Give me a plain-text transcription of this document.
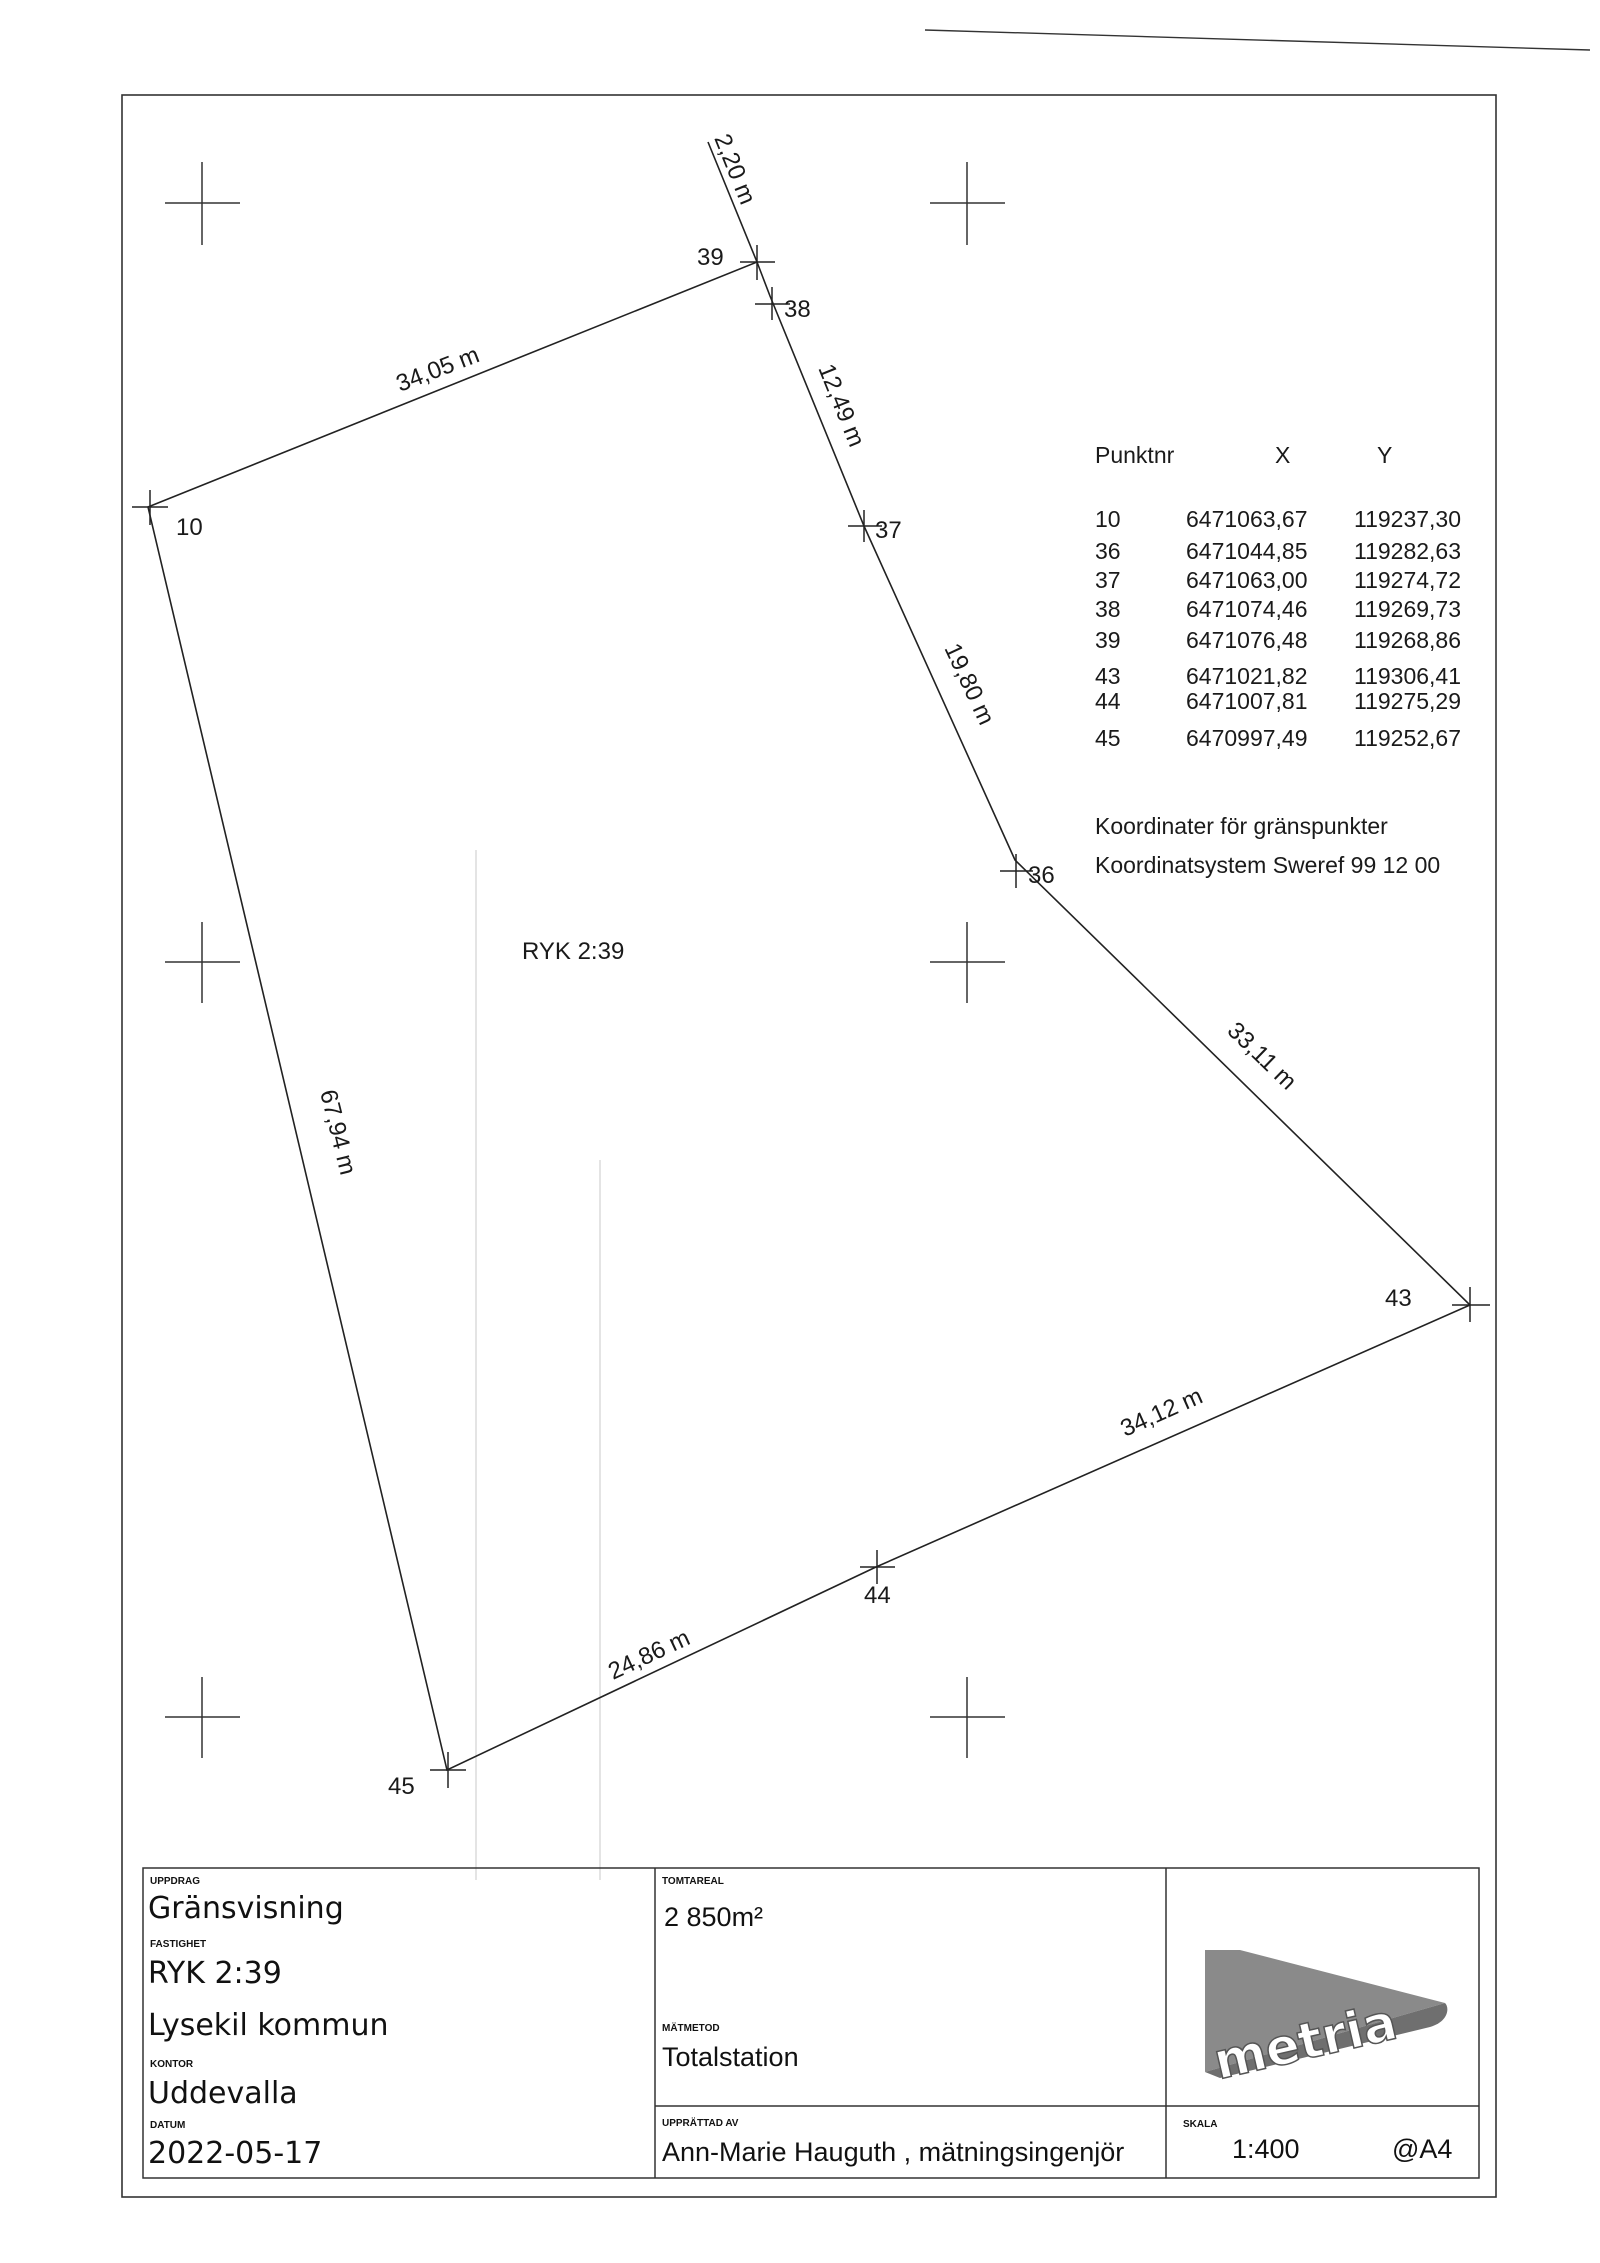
10
39
38
37
36
43
44
45
34,05 m
2,20 m
12,49 m
19,80 m
33,11 m
34,12 m
24,86 m
67,94 m
RYK 2:39
Punktnr	X	Y
10	6471063,67 119237,30
36	6471044,85 119282,63
37	6471063,00 119274,72
38	6471074,46 119269,73
39	6471076,48 119268,86
43	6471021,82 119306,41
44	6471007,81 119275,29
45	6470997,49 119252,67
Koordinater för gränspunkter
Koordinatsystem Sweref 99 12 00
UPPDRAG
Gränsvisning
FASTIGHET
RYK 2:39
Lysekil kommun
KONTOR
Uddevalla
DATUM
2022-05-17
TOMTAREAL
2 850m²
MÄTMETOD
Totalstation
UPPRÄTTAD AV
Ann-Marie Hauguth , mätningsingenjör
SKALA
1:400	@A4
metria
